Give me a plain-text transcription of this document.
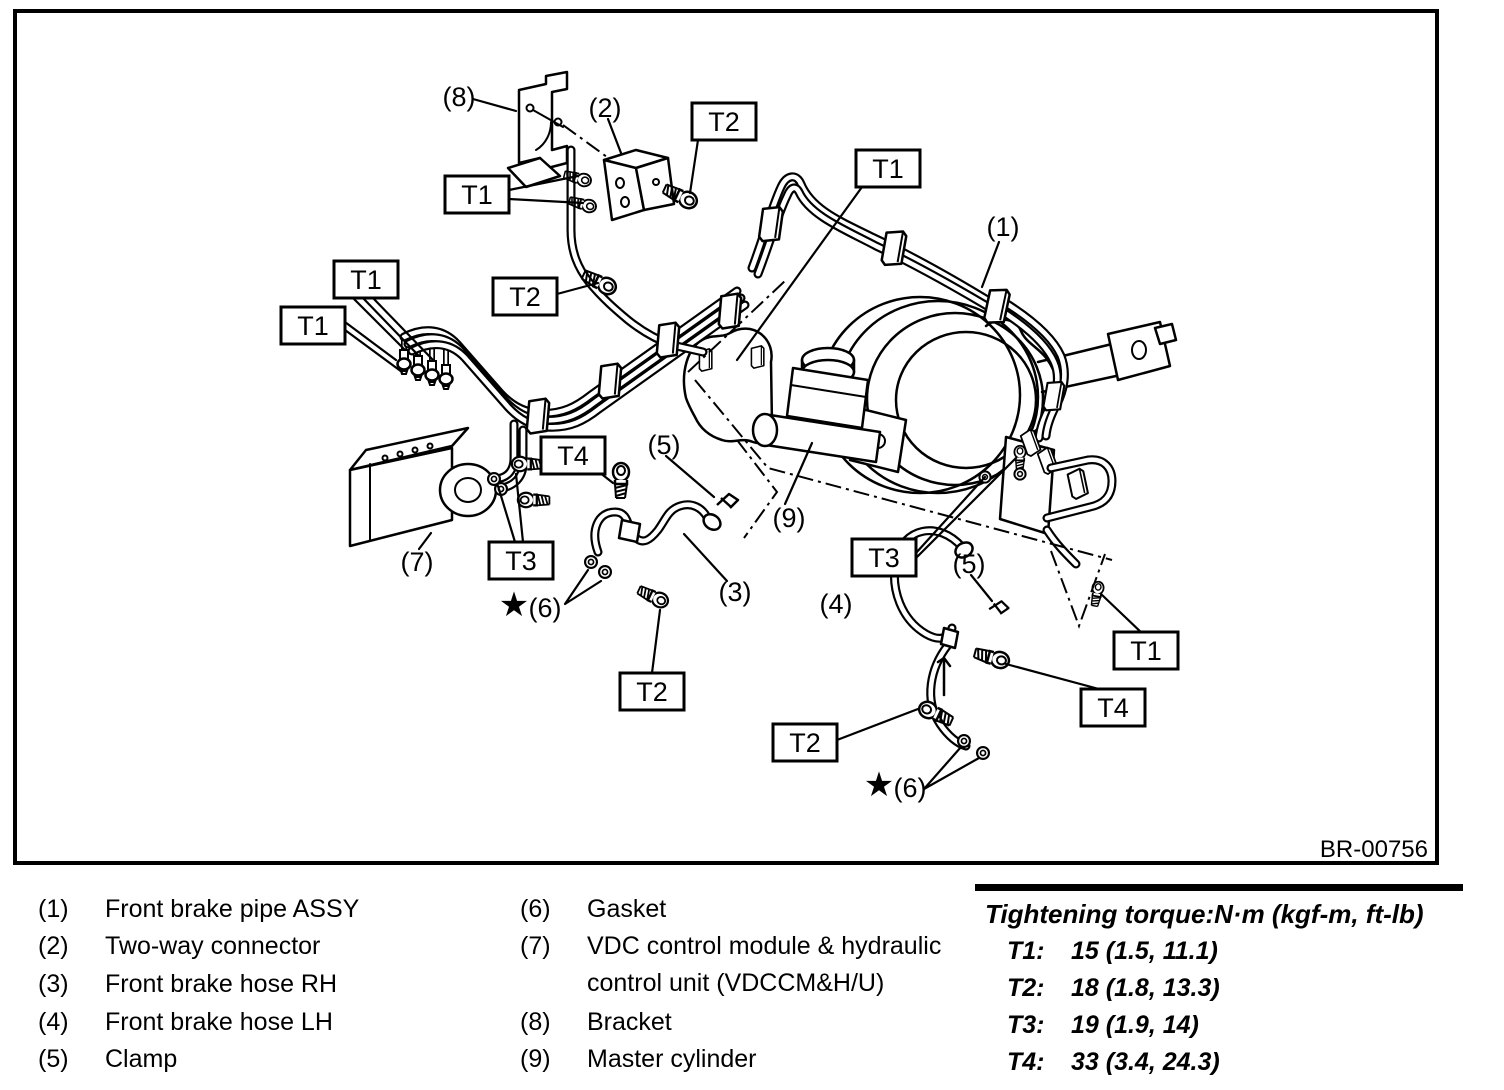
BR-00756
T2
T1
T2
T1
T1
T1
T4
T3
T2
T3
T2
T4
T1
(1)
(2)
(3)	(4)
(5)
(5)
(6)
(6)
(7)
(8)
(9)
★
★
(1) Front brake pipe ASSY
(2) Two-way connector
(3) Front brake hose RH
(4) Front brake hose LH
(5) Clamp
(6) Gasket
(7)	VDC control module & hydraulic control unit (VDCCM&H/U)
(8) Bracket
(9) Master cylinder
Tightening torque:N·m (kgf-m, ft-lb)
T1:	15 (1.5, 11.1)
T2:	18 (1.8, 13.3)
T3:	19 (1.9, 14)
T4:	33 (3.4, 24.3)
